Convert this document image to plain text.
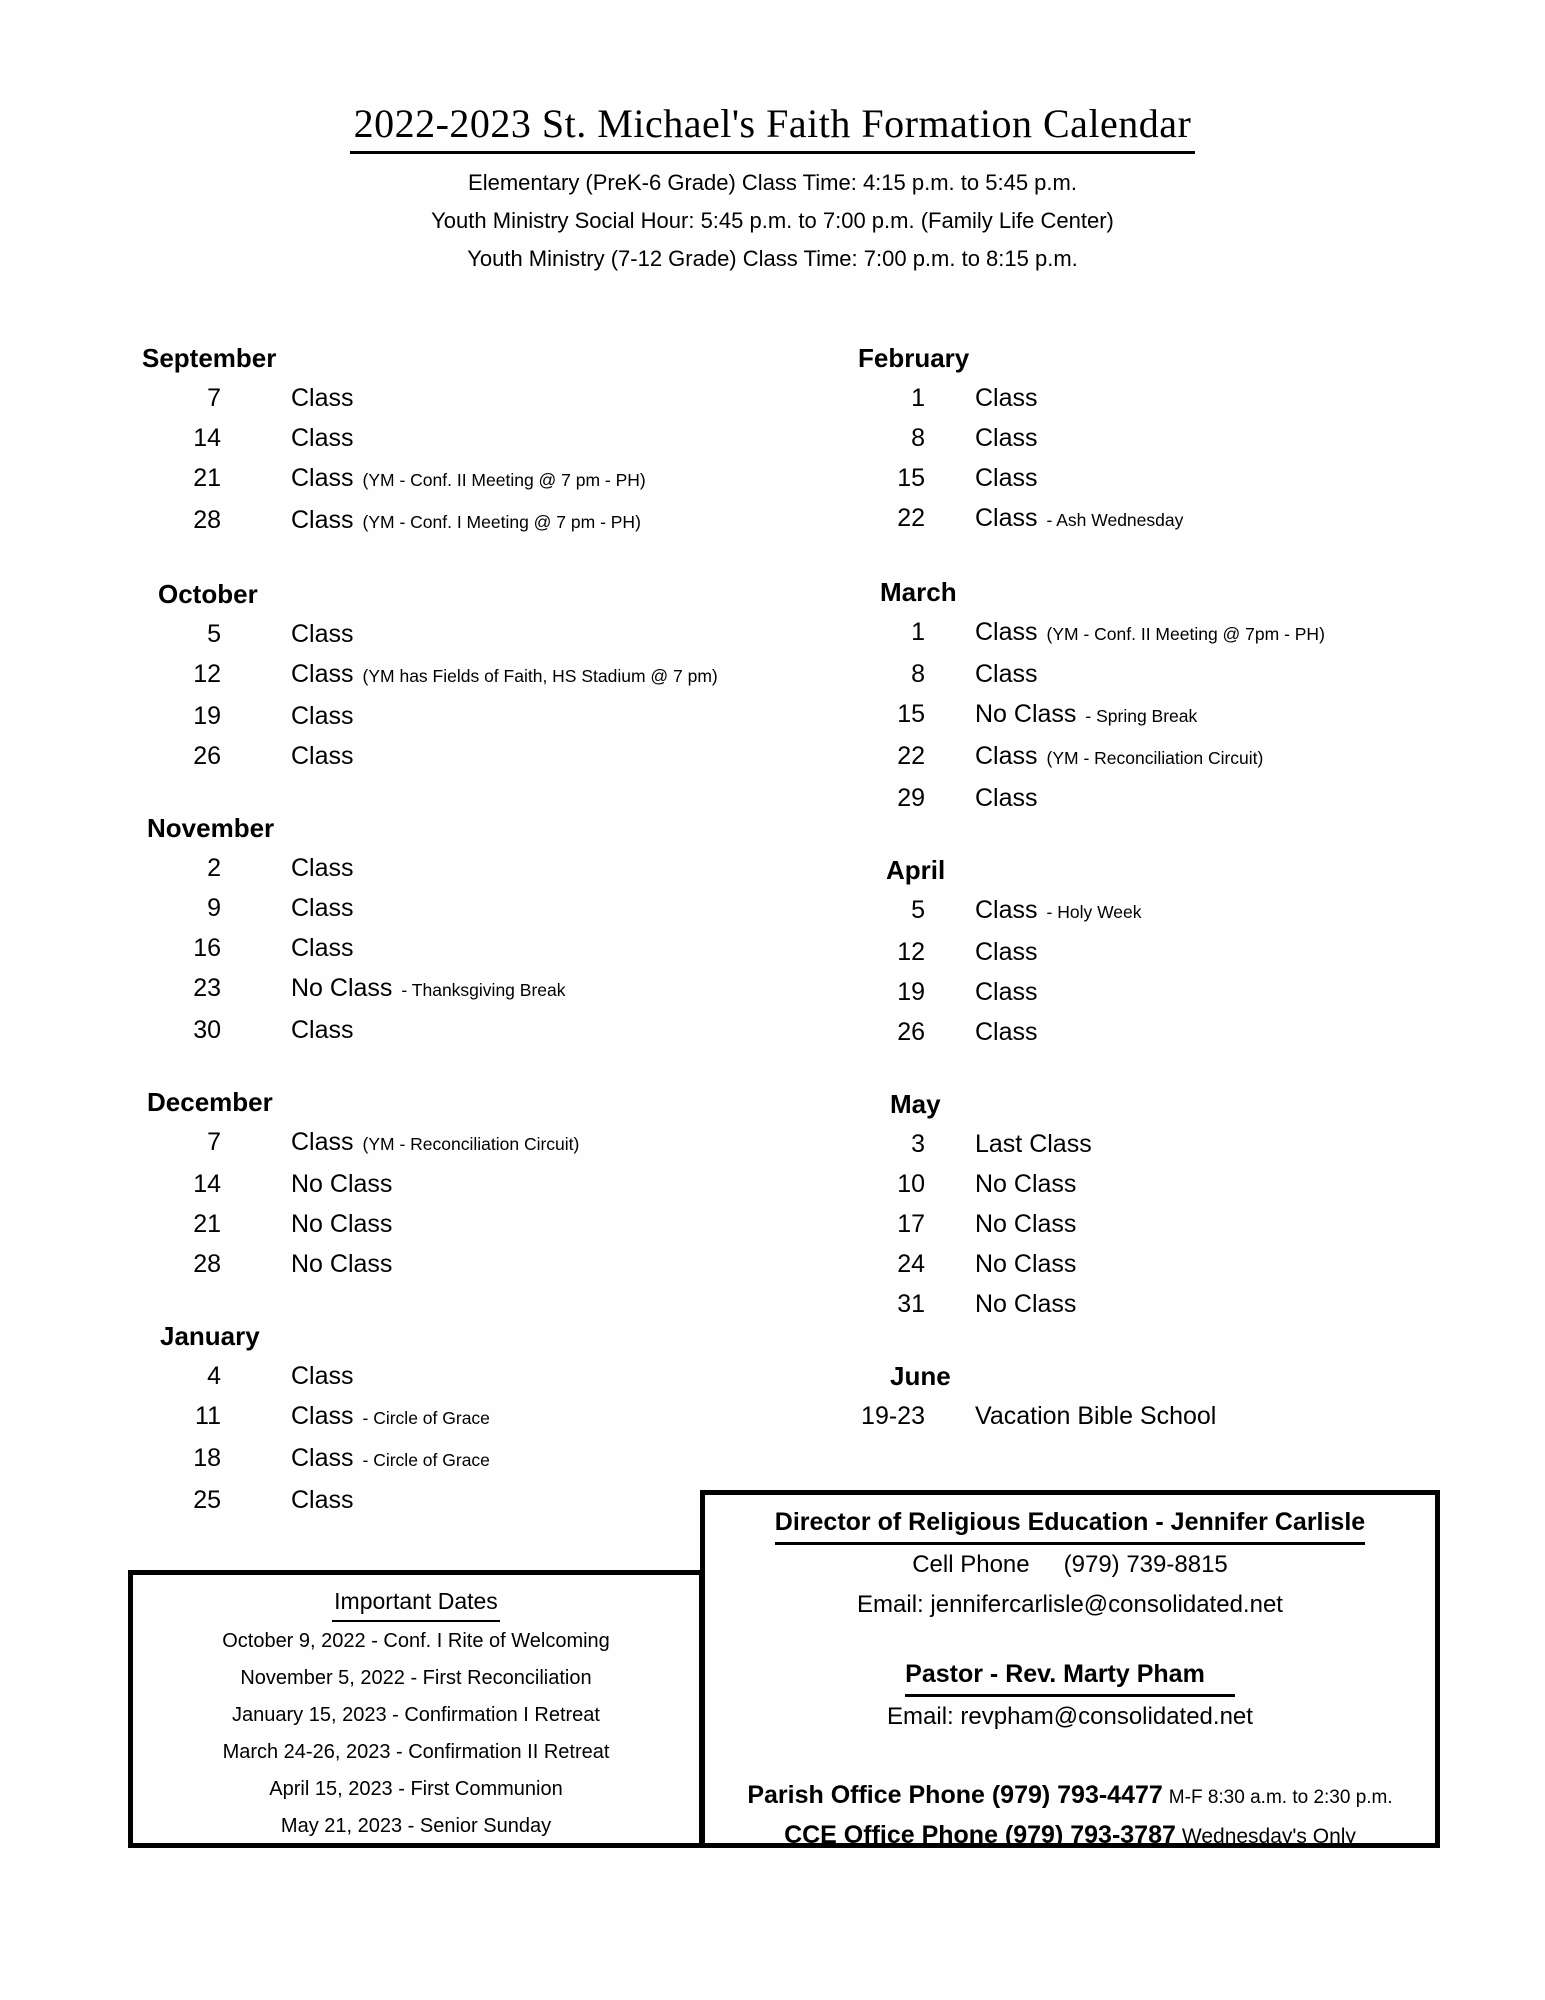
2022-2023 St. Michael's Faith Formation Calendar
Elementary (PreK-6 Grade) Class Time: 4:15 p.m. to 5:45 p.m.
Youth Ministry Social Hour: 5:45 p.m. to 7:00 p.m. (Family Life Center)
Youth Ministry (7-12 Grade) Class Time: 7:00 p.m. to 8:15 p.m.
September
7	Class
14	Class
21	Class (YM - Conf. II Meeting @ 7 pm - PH)
28	Class (YM - Conf. I Meeting @ 7 pm - PH)
October
5	Class
12	Class (YM has Fields of Faith, HS Stadium @ 7 pm)
19	Class
26	Class
November
2	Class
9	Class
16	Class
23	No Class - Thanksgiving Break
30	Class
December
7	Class (YM - Reconciliation Circuit)
14	No Class
21	No Class
28	No Class
January
4	Class
11	Class - Circle of Grace
18	Class - Circle of Grace
25	Class
February
1 Class
8 Class
15 Class
22 Class - Ash Wednesday
March
1 Class (YM - Conf. II Meeting @ 7pm - PH)
8 Class
15 No Class - Spring Break
22 Class (YM - Reconciliation Circuit)
29 Class
April
5 Class - Holy Week
12 Class
19 Class
26 Class
May
3 Last Class
10 No Class
17 No Class
24 No Class
31 No Class
June
19-23 Vacation Bible School
Important Dates
October 9, 2022 - Conf. I Rite of Welcoming
November 5, 2022 - First Reconciliation
January 15, 2023 - Confirmation I Retreat
March 24-26, 2023 - Confirmation II Retreat
April 15, 2023 - First Communion
May 21, 2023 - Senior Sunday
Director of Religious Education - Jennifer Carlisle
Cell Phone (979) 739-8815
Email: jennifercarlisle@consolidated.net
Pastor - Rev. Marty Pham
Email: revpham@consolidated.net
Parish Office Phone (979) 793-4477 M-F 8:30 a.m. to 2:30 p.m.
CCE Office Phone (979) 793-3787 Wednesday's Only
